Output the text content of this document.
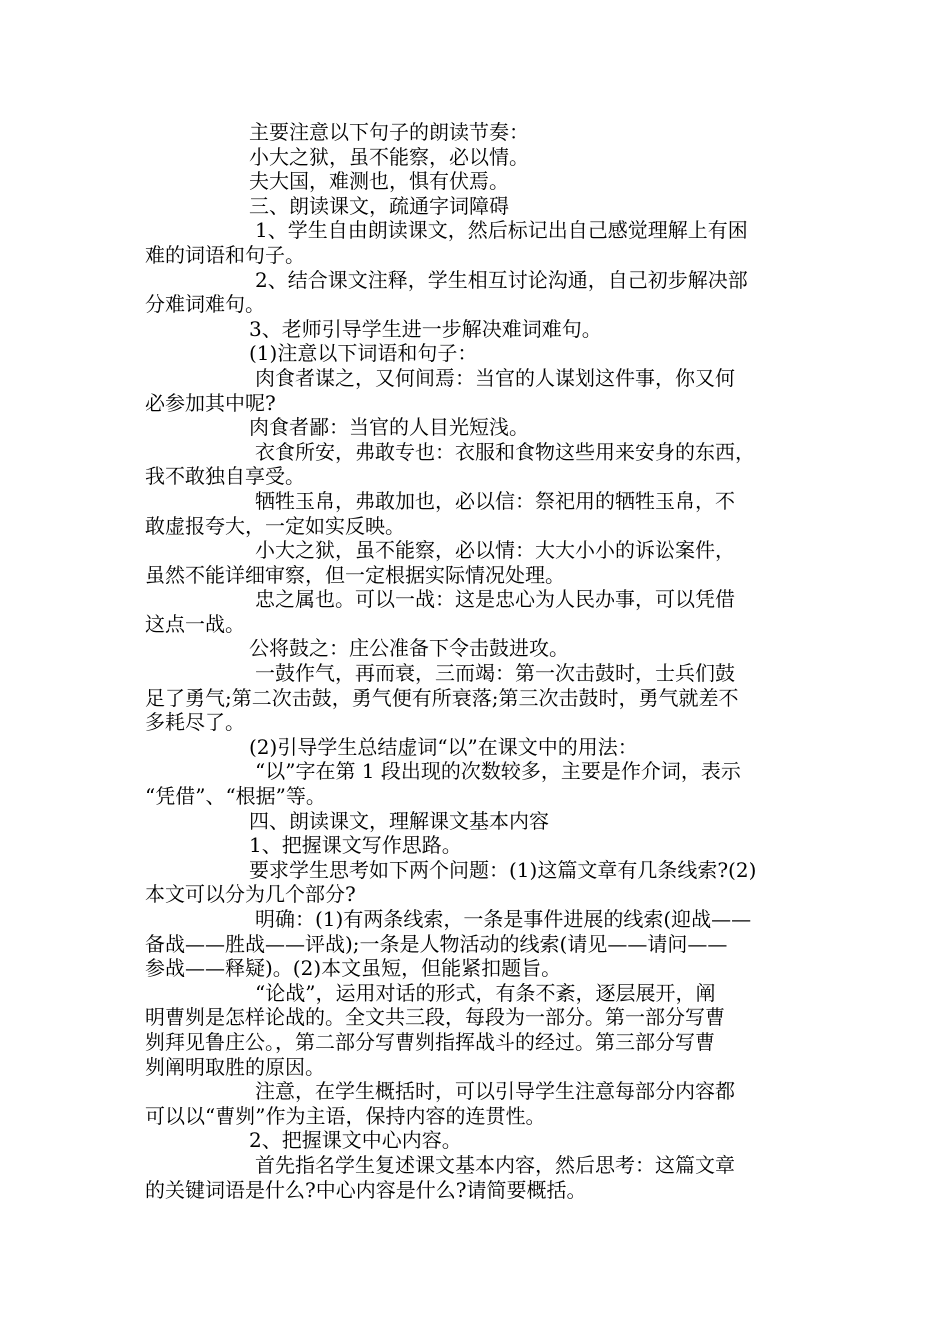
主要注意以下句子的朗读节奏：

小大之狱，虽不能察，必以情。

夫大国，难测也，惧有伏焉。

三、朗读课文，疏通字词障碍

1、学生自由朗读课文，然后标记出自己感觉理解上有困

难的词语和句子。

2、结合课文注释，学生相互讨论沟通，自己初步解决部

分难词难句。

3、老师引导学生进一步解决难词难句。

(1)注意以下词语和句子：

肉食者谋之，又何间焉：当官的人谋划这件事，你又何

必参加其中呢?

肉食者鄙：当官的人目光短浅。

衣食所安，弗敢专也：衣服和食物这些用来安身的东西，

我不敢独自享受。

牺牲玉帛，弗敢加也，必以信：祭祀用的牺牲玉帛，不

敢虚报夸大，一定如实反映。

小大之狱，虽不能察，必以情：大大小小的诉讼案件，

虽然不能详细审察，但一定根据实际情况处理。

忠之属也。可以一战：这是忠心为人民办事，可以凭借

这点一战。

公将鼓之：庄公准备下令击鼓进攻。

一鼓作气，再而衰，三而竭：第一次击鼓时，士兵们鼓

足了勇气;第二次击鼓，勇气便有所衰落;第三次击鼓时，勇气就差不

多耗尽了。

(2)引导学生总结虚词“以”在课文中的用法：

“以”字在第 1 段出现的次数较多，主要是作介词，表示

“凭借”、“根据”等。

四、朗读课文，理解课文基本内容

1、把握课文写作思路。

要求学生思考如下两个问题：(1)这篇文章有几条线索?(2)

本文可以分为几个部分?

明确：(1)有两条线索，一条是事件进展的线索(迎战——

备战——胜战——评战);一条是人物活动的线索(请见——请问——

参战——释疑)。(2)本文虽短，但能紧扣题旨。

“论战”，运用对话的形式，有条不紊，逐层展开，阐

明曹刿是怎样论战的。全文共三段，每段为一部分。第一部分写曹

刿拜见鲁庄公。，第二部分写曹刿指挥战斗的经过。第三部分写曹

刿阐明取胜的原因。

注意，在学生概括时，可以引导学生注意每部分内容都

可以以“曹刿”作为主语，保持内容的连贯性。

2、把握课文中心内容。

首先指名学生复述课文基本内容，然后思考：这篇文章

的关键词语是什么?中心内容是什么?请简要概括。
